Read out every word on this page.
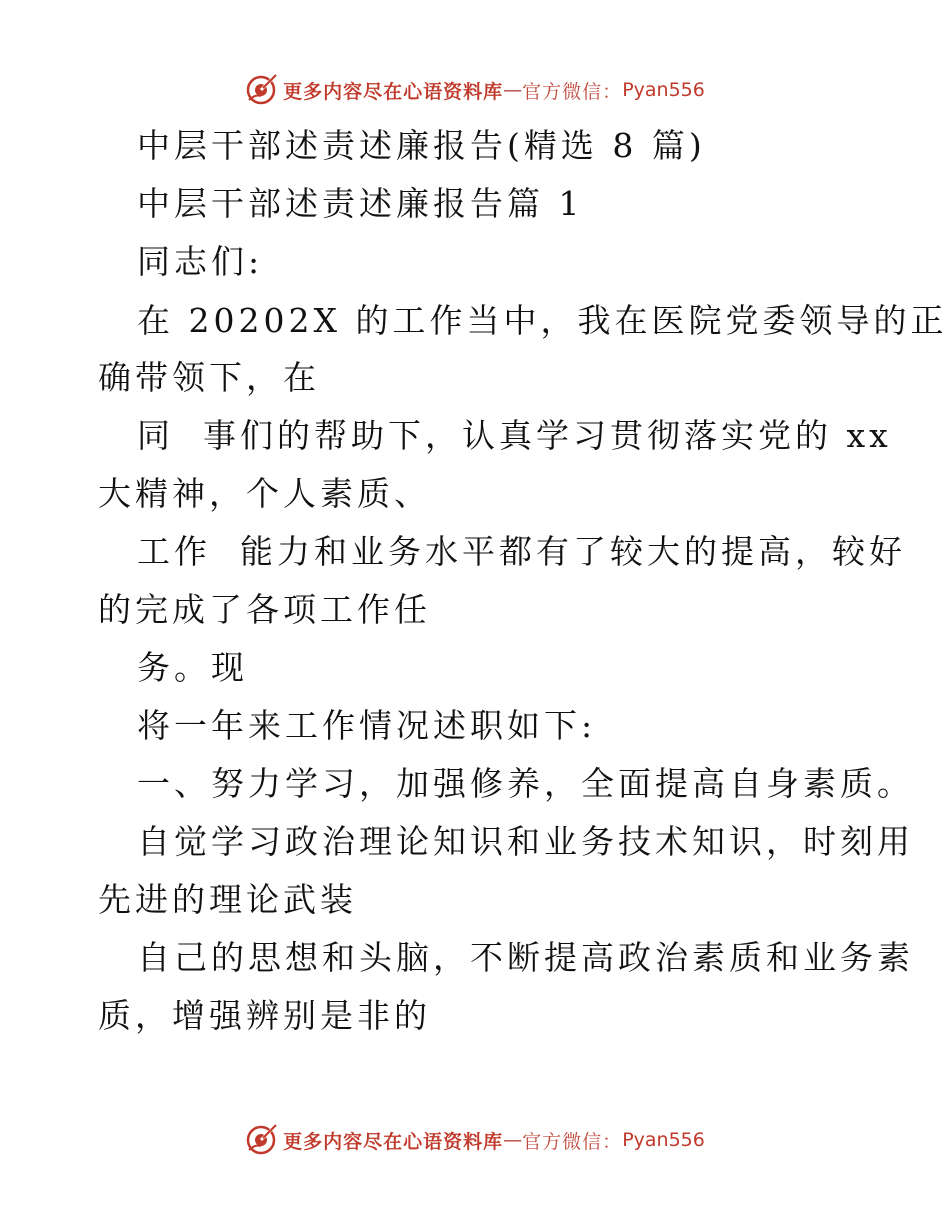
更多内容尽在心语资料库 — 官方微信： Pyan556
中层干部述责述廉报告(精选 8 篇)
中层干部述责述廉报告篇 1
同志们:
在 20202X 的工作当中，我在医院党委领导的正
确带领下，在
同  事们的帮助下，认真学习贯彻落实党的 xx
大精神，个人素质、
工作  能力和业务水平都有了较大的提高，较好
的完成了各项工作任
务。现
将一年来工作情况述职如下:
一、努力学习，加强修养，全面提高自身素质。
自觉学习政治理论知识和业务技术知识，时刻用
先进的理论武装
自己的思想和头脑，不断提高政治素质和业务素
质，增强辨别是非的
更多内容尽在心语资料库 — 官方微信： Pyan556
